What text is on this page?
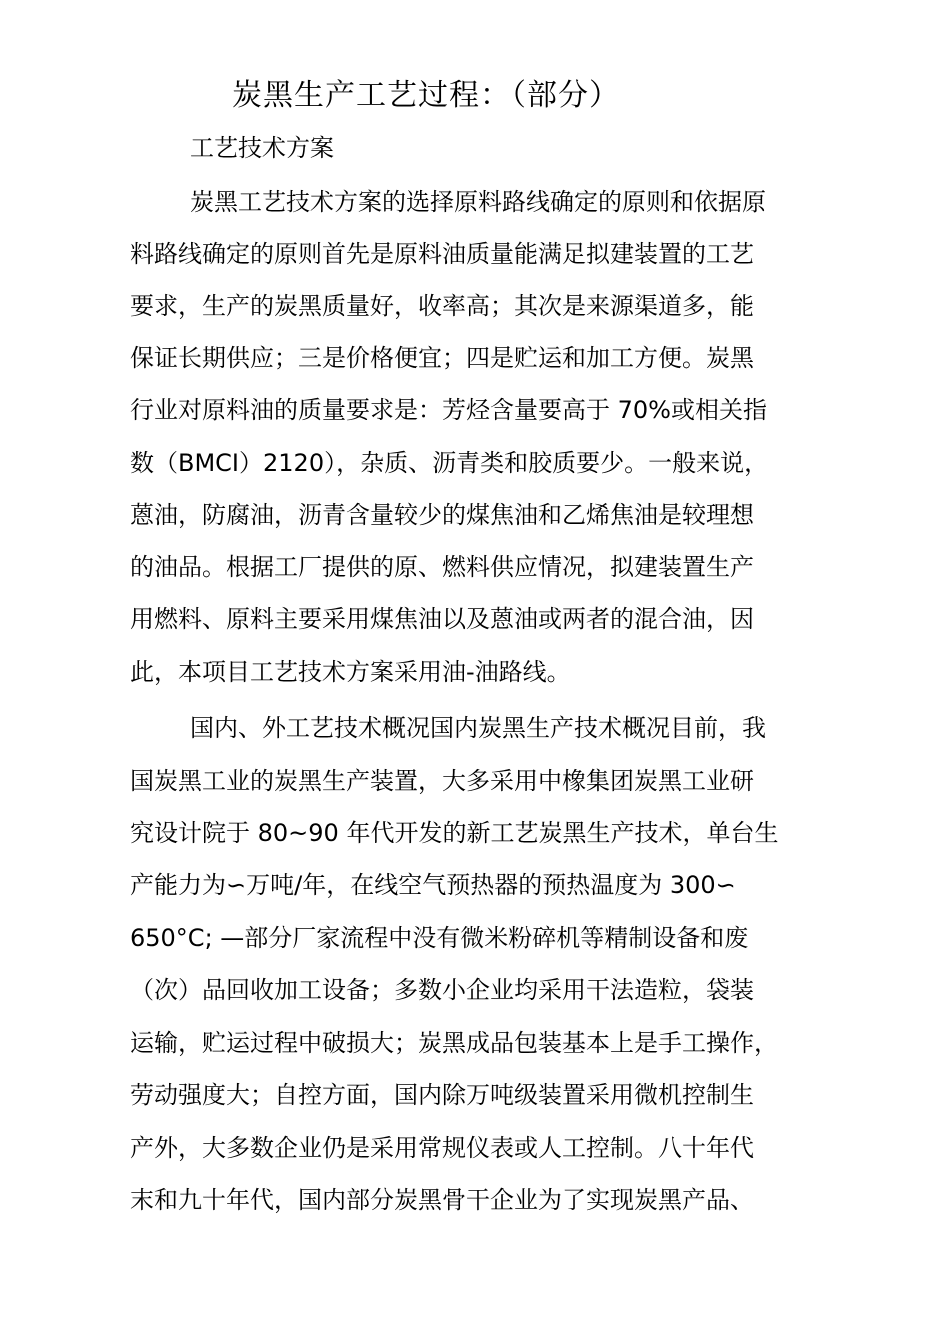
炭黑生产工艺过程：（部分）
工艺技术方案
炭黑工艺技术方案的选择原料路线确定的原则和依据原
料路线确定的原则首先是原料油质量能满足拟建装置的工艺
要求，生产的炭黑质量好，收率高；其次是来源渠道多，能
保证长期供应；三是价格便宜；四是贮运和加工方便。炭黑
行业对原料油的质量要求是：芳烃含量要高于 70%或相关指
数（BMCI）2120），杂质、沥青类和胶质要少。一般来说，
蒽油，防腐油，沥青含量较少的煤焦油和乙烯焦油是较理想
的油品。根据工厂提供的原、燃料供应情况，拟建装置生产
用燃料、原料主要采用煤焦油以及蒽油或两者的混合油，因
此，本项目工艺技术方案采用油-油路线。
国内、外工艺技术概况国内炭黑生产技术概况目前，我
国炭黑工业的炭黑生产装置，大多采用中橡集团炭黑工业研
究设计院于 80~90 年代开发的新工艺炭黑生产技术，单台生
产能力为∽万吨/年，在线空气预热器的预热温度为 300∽
650°C; —部分厂家流程中没有微米粉碎机等精制设备和废
（次）品回收加工设备；多数小企业均采用干法造粒，袋装
运输，贮运过程中破损大；炭黑成品包装基本上是手工操作，
劳动强度大；自控方面，国内除万吨级装置采用微机控制生
产外，大多数企业仍是采用常规仪表或人工控制。八十年代
末和九十年代，国内部分炭黑骨干企业为了实现炭黑产品、
